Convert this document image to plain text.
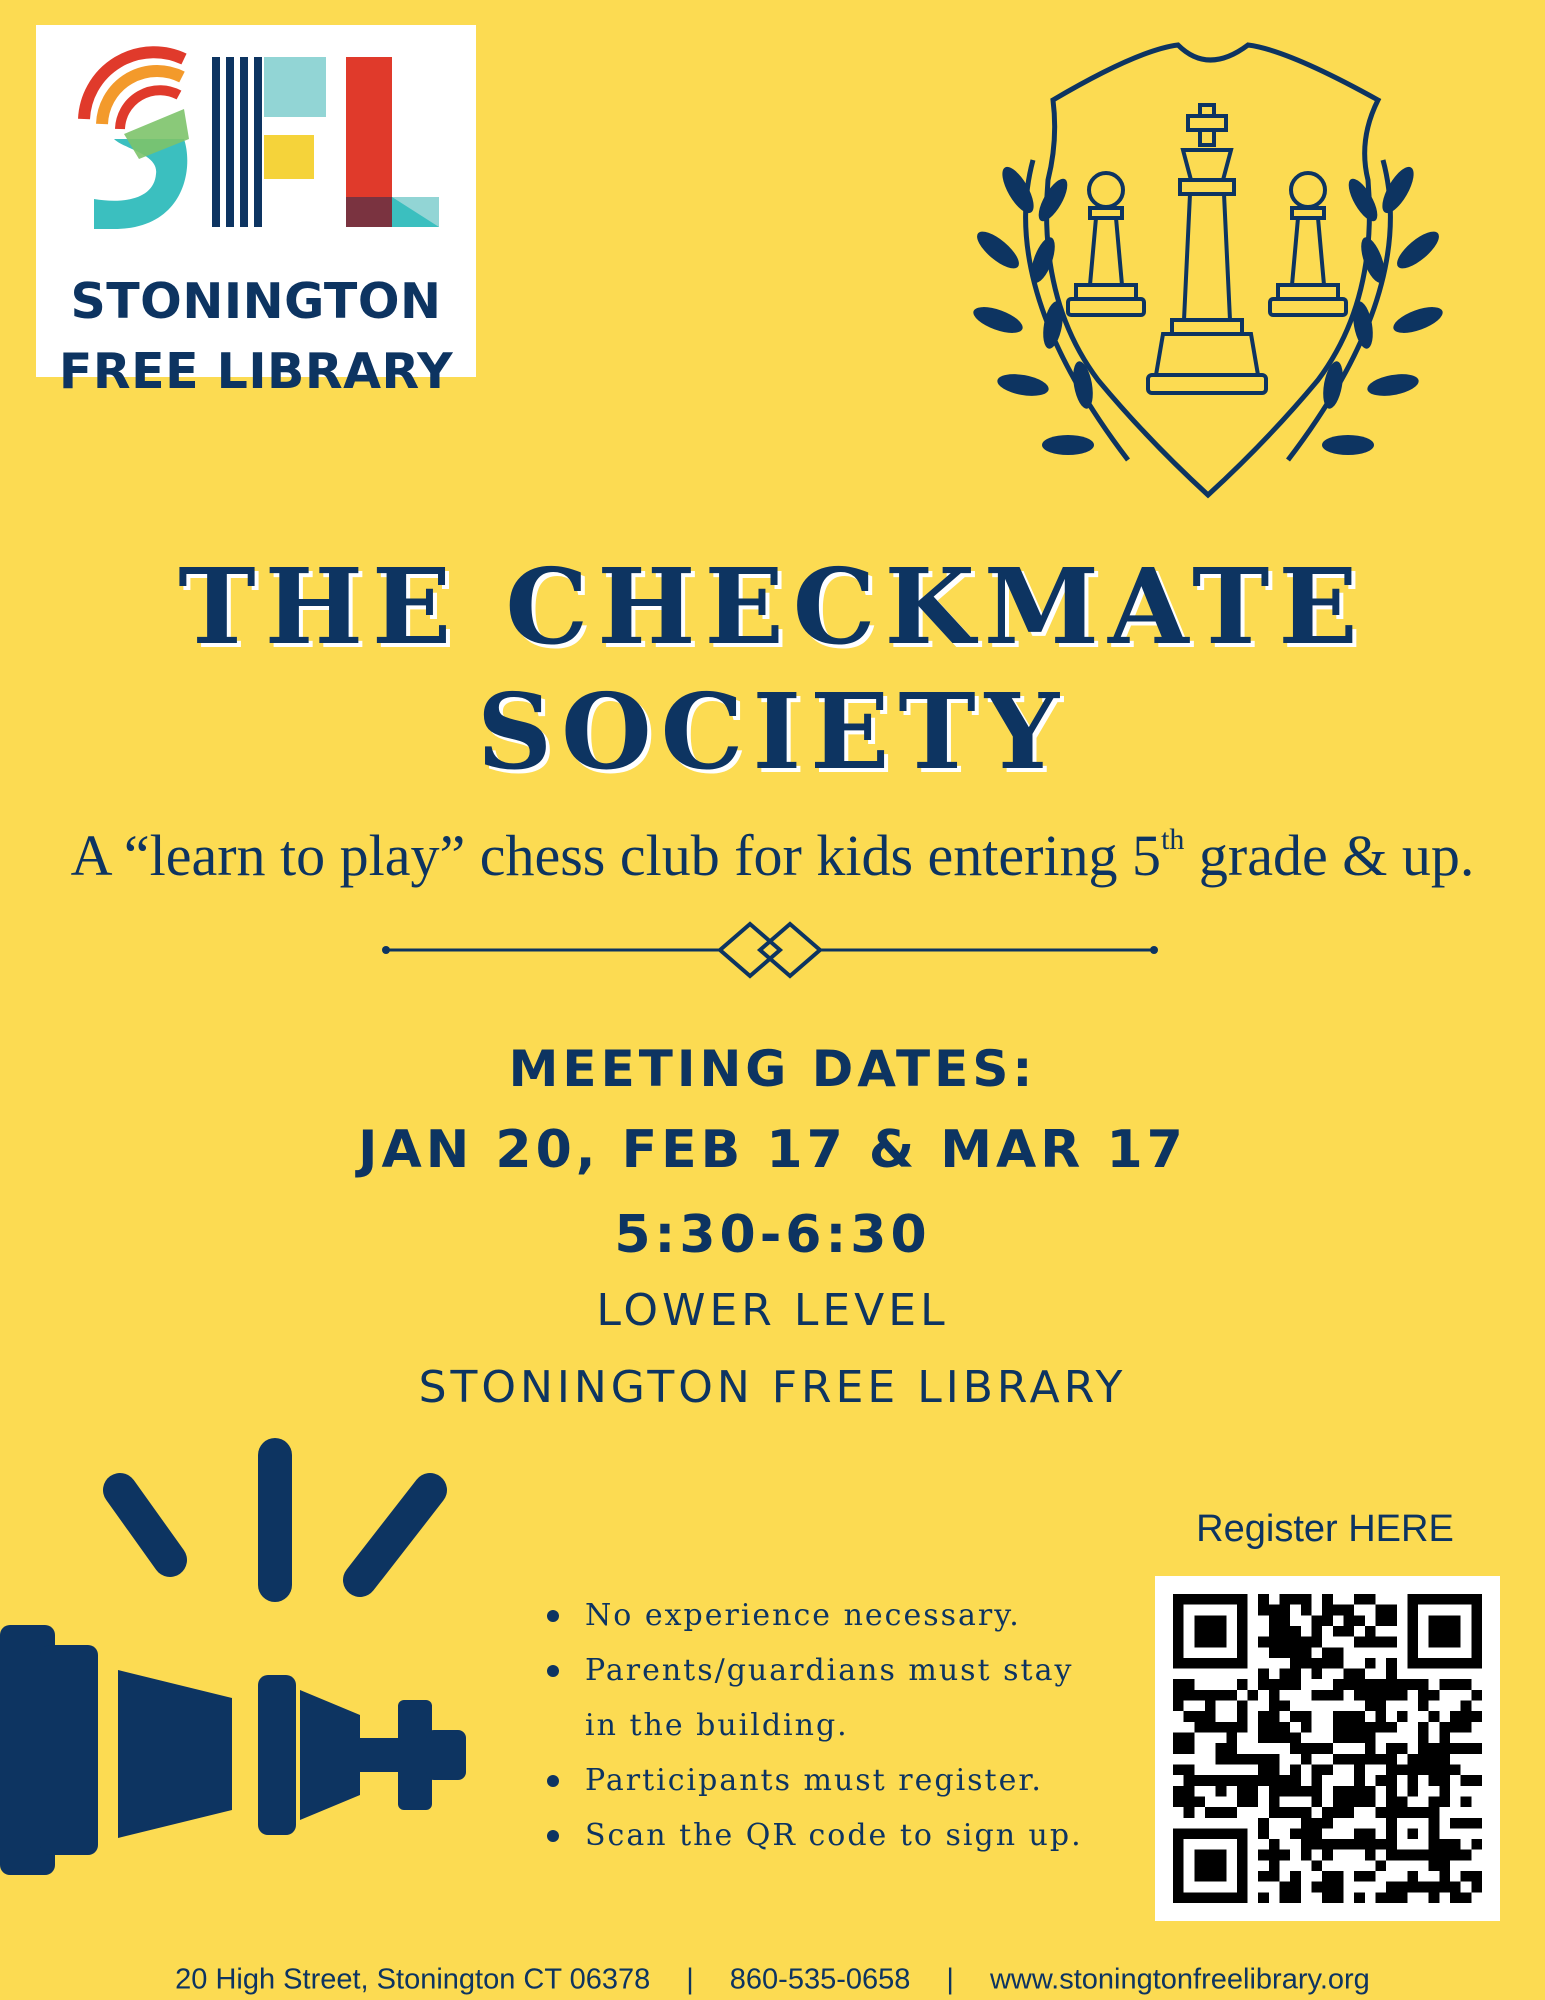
STONINGTON
FREE LIBRARY
THE CHECKMATE
SOCIETY
A “learn to play” chess club for kids entering 5th grade & up.
MEETING DATES:
JAN 20, FEB 17 & MAR 17
5:30-6:30
LOWER LEVEL
STONINGTON FREE LIBRARY
No experience necessary.
Parents/guardians must stay in the building.
Participants must register.
Scan the QR code to sign up.
Register HERE
20 High Street, Stonington CT 06378 | 860-535-0658 | www.stoningtonfreelibrary.org
